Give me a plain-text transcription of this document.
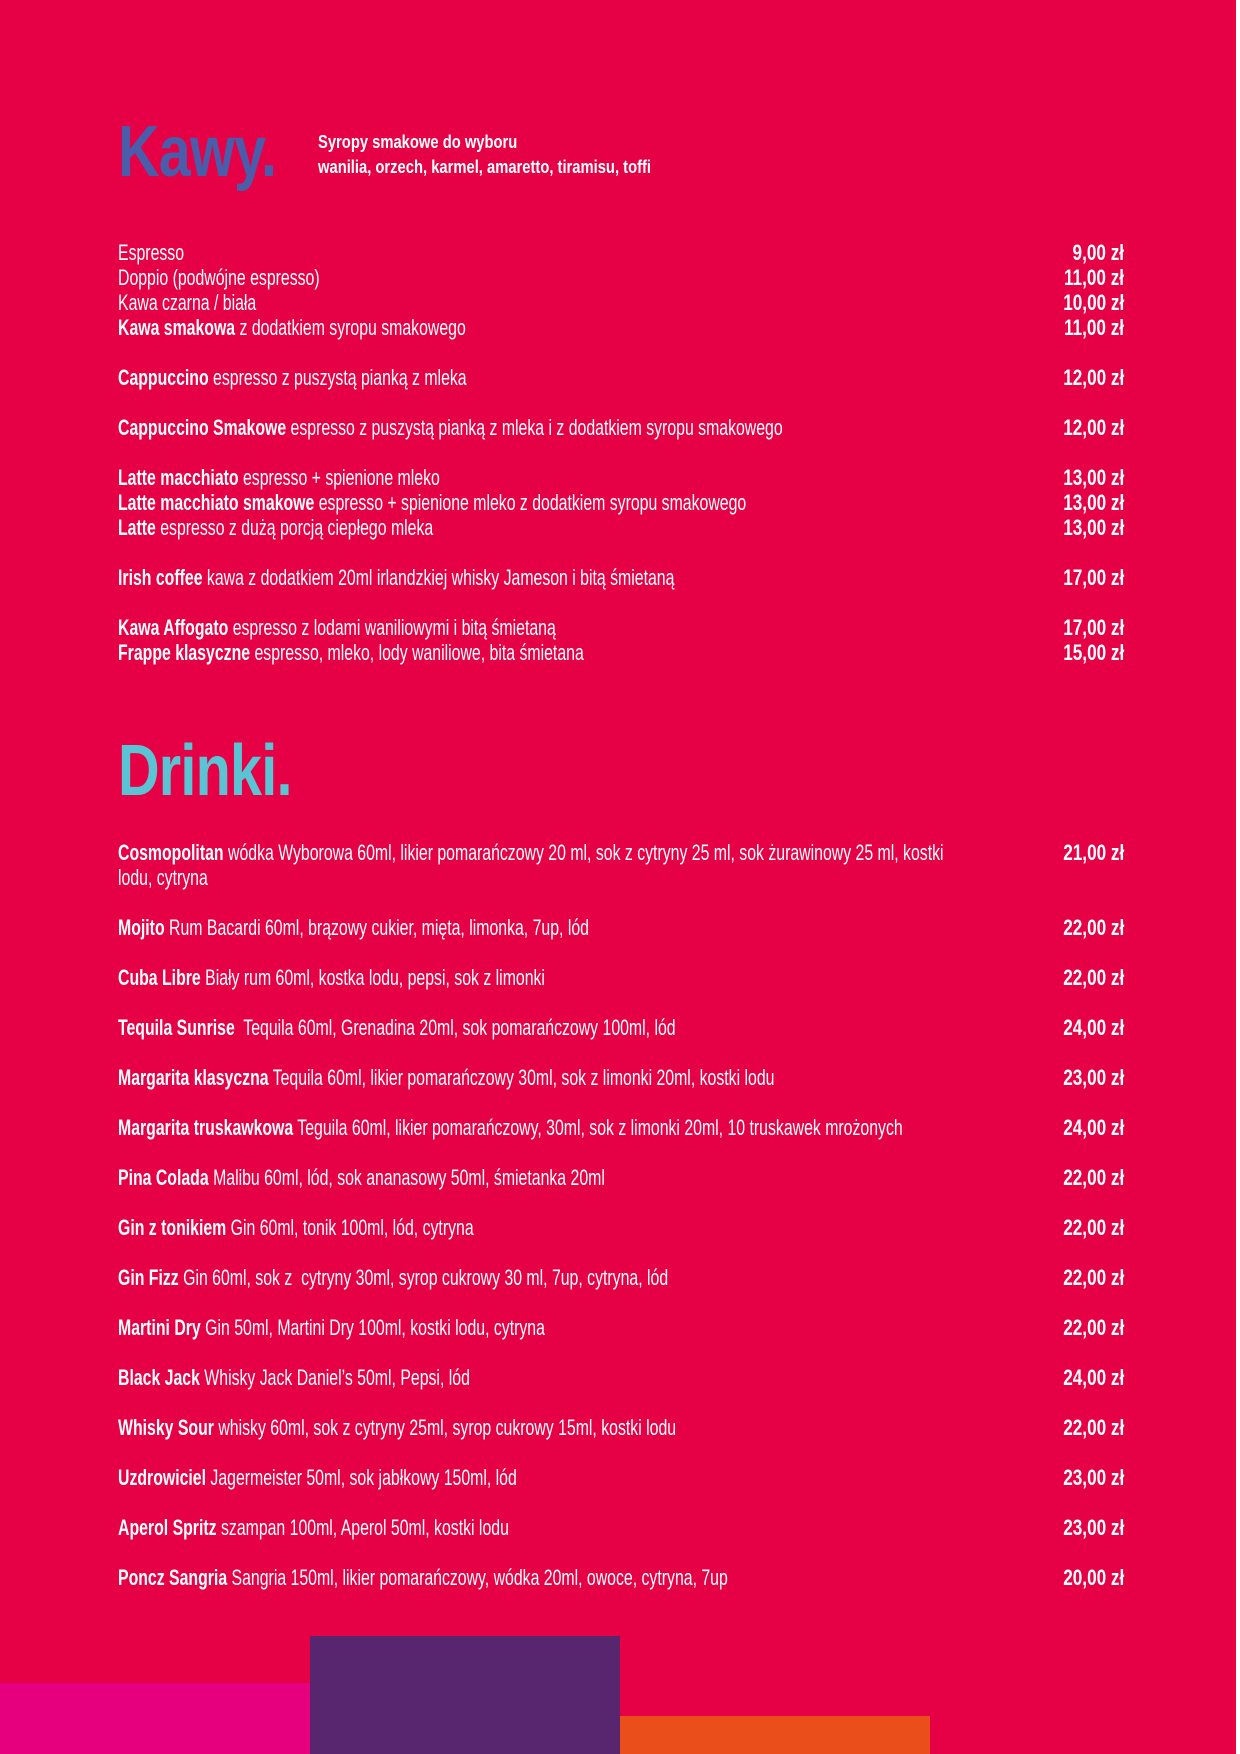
Kawy. Syropy smakowe do wyboru
wanilia, orzech, karmel, amaretto, tiramisu, toffi
Espresso	9,00 zł
Doppio (podwójne espresso)	11,00 zł
Kawa czarna / biała	10,00 zł
Kawa smakowa z dodatkiem syropu smakowego	11,00 zł
Cappuccino espresso z puszystą pianką z mleka	12,00 zł
Cappuccino Smakowe espresso z puszystą pianką z mleka i z dodatkiem syropu smakowego	12,00 zł
Latte macchiato espresso + spienione mleko	13,00 zł
Latte macchiato smakowe espresso + spienione mleko z dodatkiem syropu smakowego	13,00 zł
Latte espresso z dużą porcją ciepłego mleka	13,00 zł
Irish coffee kawa z dodatkiem 20ml irlandzkiej whisky Jameson i bitą śmietaną	17,00 zł
Kawa Affogato espresso z lodami waniliowymi i bitą śmietaną	17,00 zł
Frappe klasyczne espresso, mleko, lody waniliowe, bita śmietana	15,00 zł
Drinki.
Cosmopolitan wódka Wyborowa 60ml, likier pomarańczowy 20 ml, sok z cytryny 25 ml, sok żurawinowy 25 ml, kostki lodu, cytryna
21,00 zł
Mojito Rum Bacardi 60ml, brązowy cukier, mięta, limonka, 7up, lód	22,00 zł
Cuba Libre Biały rum 60ml, kostka lodu, pepsi, sok z limonki	22,00 zł
Tequila Sunrise  Tequila 60ml, Grenadina 20ml, sok pomarańczowy 100ml, lód	24,00 zł
Margarita klasyczna Tequila 60ml, likier pomarańczowy 30ml, sok z limonki 20ml, kostki lodu	23,00 zł
Margarita truskawkowa Teguila 60ml, likier pomarańczowy, 30ml, sok z limonki 20ml, 10 truskawek mrożonych	24,00 zł
Pina Colada Malibu 60ml, lód, sok ananasowy 50ml, śmietanka 20ml	22,00 zł
Gin z tonikiem Gin 60ml, tonik 100ml, lód, cytryna	22,00 zł
Gin Fizz Gin 60ml, sok z  cytryny 30ml, syrop cukrowy 30 ml, 7up, cytryna, lód	22,00 zł
Martini Dry Gin 50ml, Martini Dry 100ml, kostki lodu, cytryna	22,00 zł
Black Jack Whisky Jack Daniel’s 50ml, Pepsi, lód	24,00 zł
Whisky Sour whisky 60ml, sok z cytryny 25ml, syrop cukrowy 15ml, kostki lodu	22,00 zł
Uzdrowiciel Jagermeister 50ml, sok jabłkowy 150ml, lód	23,00 zł
Aperol Spritz szampan 100ml, Aperol 50ml, kostki lodu	23,00 zł
Poncz Sangria Sangria 150ml, likier pomarańczowy, wódka 20ml, owoce, cytryna, 7up	20,00 zł
